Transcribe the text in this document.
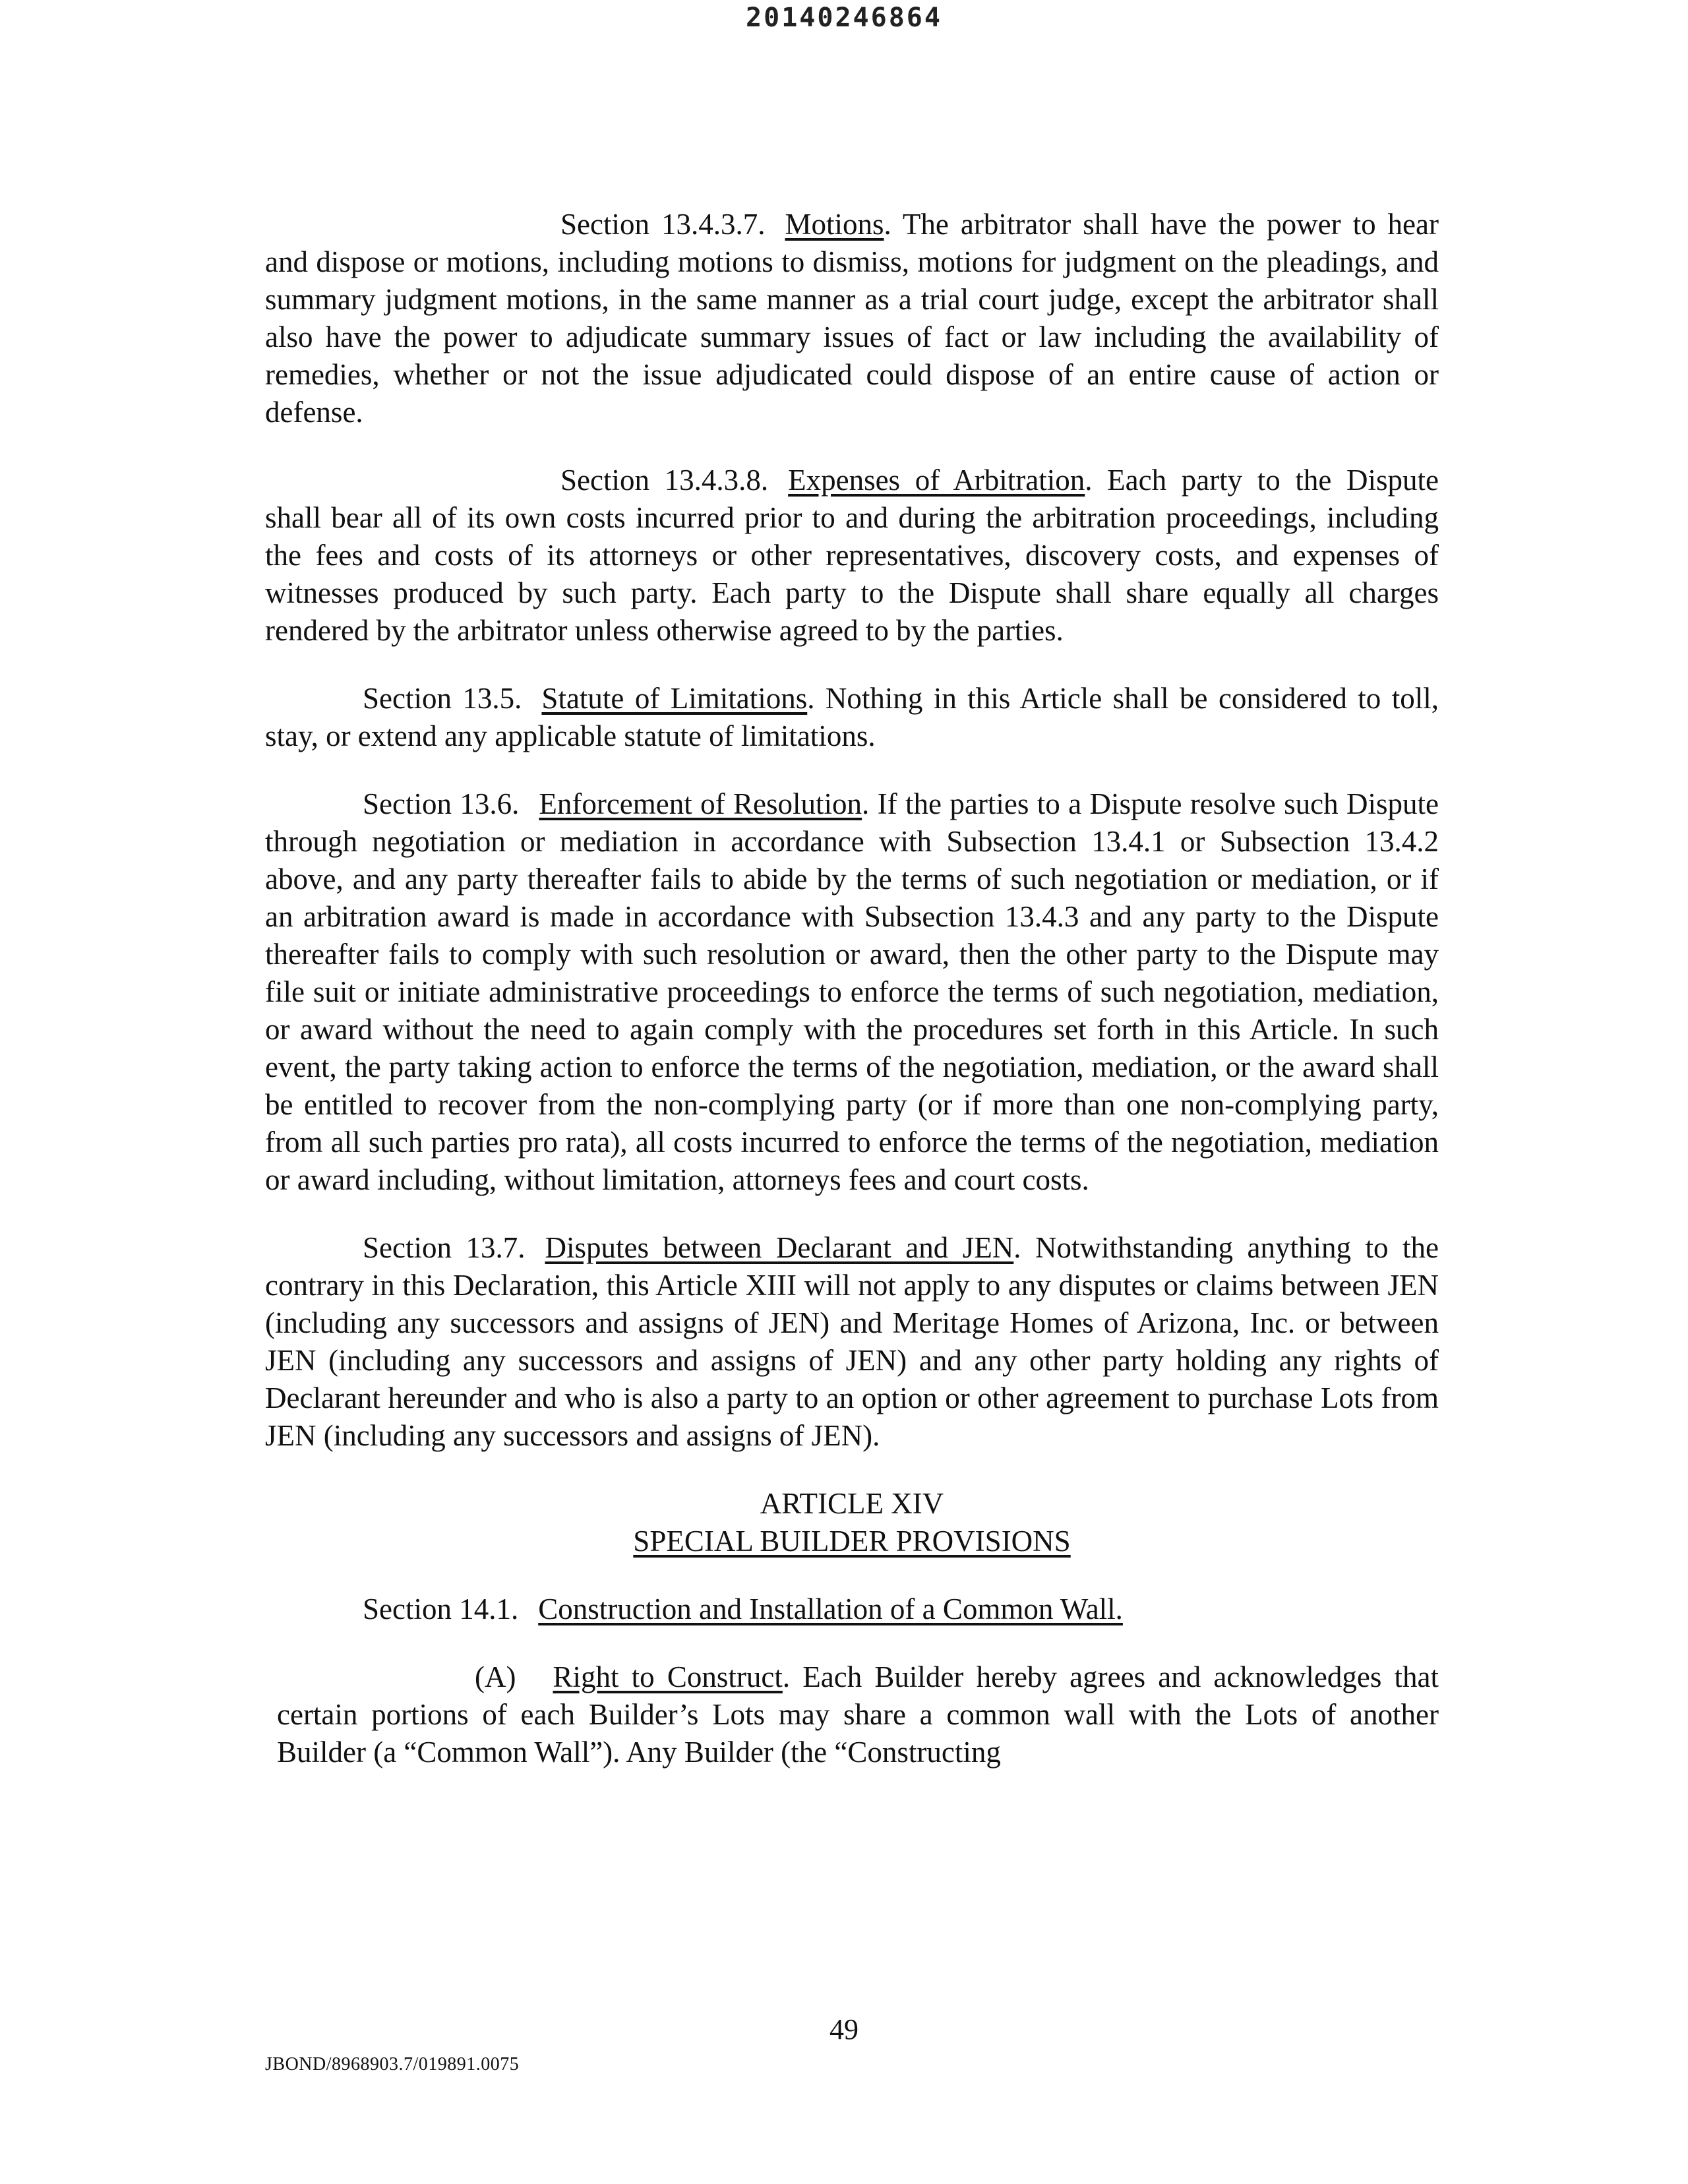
20140246864

Section 13.4.3.7. Motions. The arbitrator shall have the power to hear and dispose or motions, including motions to dismiss, motions for judgment on the pleadings, and summary judgment motions, in the same manner as a trial court judge, except the arbitrator shall also have the power to adjudicate summary issues of fact or law including the availability of remedies, whether or not the issue adjudicated could dispose of an entire cause of action or defense.

Section 13.4.3.8. Expenses of Arbitration. Each party to the Dispute shall bear all of its own costs incurred prior to and during the arbitration proceedings, including the fees and costs of its attorneys or other representatives, discovery costs, and expenses of witnesses produced by such party. Each party to the Dispute shall share equally all charges rendered by the arbitrator unless otherwise agreed to by the parties.

Section 13.5. Statute of Limitations. Nothing in this Article shall be considered to toll, stay, or extend any applicable statute of limitations.

Section 13.6. Enforcement of Resolution. If the parties to a Dispute resolve such Dispute through negotiation or mediation in accordance with Subsection 13.4.1 or Subsection 13.4.2 above, and any party thereafter fails to abide by the terms of such negotiation or mediation, or if an arbitration award is made in accordance with Subsection 13.4.3 and any party to the Dispute thereafter fails to comply with such resolution or award, then the other party to the Dispute may file suit or initiate administrative proceedings to enforce the terms of such negotiation, mediation, or award without the need to again comply with the procedures set forth in this Article. In such event, the party taking action to enforce the terms of the negotiation, mediation, or the award shall be entitled to recover from the non-complying party (or if more than one non-complying party, from all such parties pro rata), all costs incurred to enforce the terms of the negotiation, mediation or award including, without limitation, attorneys fees and court costs.

Section 13.7. Disputes between Declarant and JEN. Notwithstanding anything to the contrary in this Declaration, this Article XIII will not apply to any disputes or claims between JEN (including any successors and assigns of JEN) and Meritage Homes of Arizona, Inc. or between JEN (including any successors and assigns of JEN) and any other party holding any rights of Declarant hereunder and who is also a party to an option or other agreement to purchase Lots from JEN (including any successors and assigns of JEN).

ARTICLE XIV

SPECIAL BUILDER PROVISIONS

Section 14.1. Construction and Installation of a Common Wall.

(A) Right to Construct. Each Builder hereby agrees and acknowledges that certain portions of each Builder’s Lots may share a common wall with the Lots of another Builder (a “Common Wall”). Any Builder (the “Constructing

49
JBOND/8968903.7/019891.0075
